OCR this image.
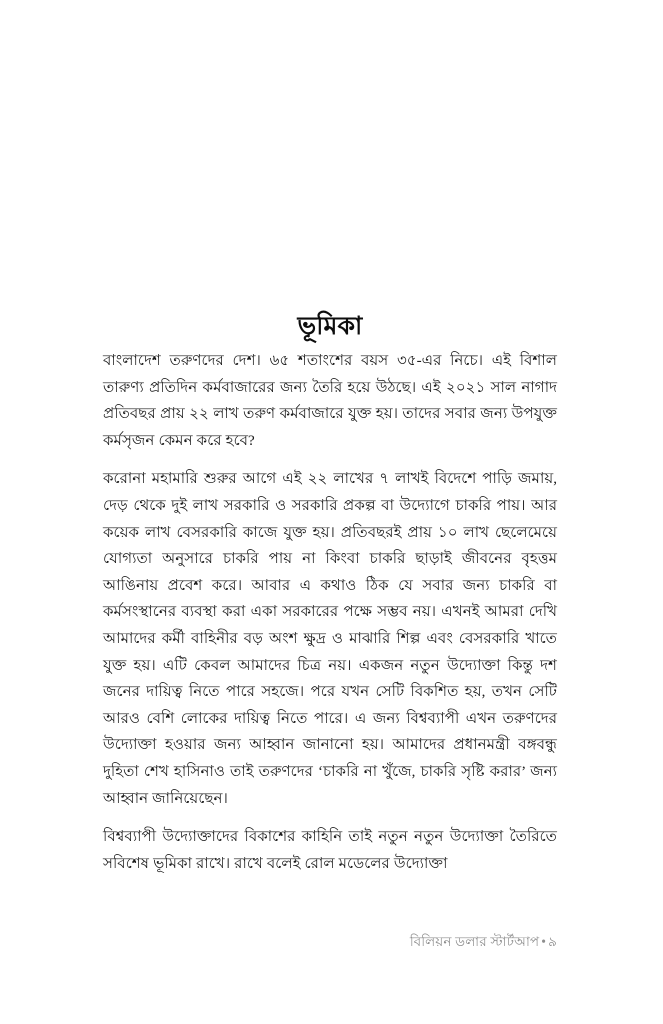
ভূমিকা

বাংলাদেশ তরুণদের দেশ। ৬৫ শতাংশের বয়স ৩৫-এর নিচে। এই বিশাল তারুণ্য প্রতিদিন কর্মবাজারের জন্য তৈরি হয়ে উঠছে। এই ২০২১ সাল নাগাদ প্রতিবছর প্রায় ২২ লাখ তরুণ কর্মবাজারে যুক্ত হয়। তাদের সবার জন্য উপযুক্ত কর্মসৃজন কেমন করে হবে?

করোনা মহামারি শুরুর আগে এই ২২ লাখের ৭ লাখই বিদেশে পাড়ি জমায়, দেড় থেকে দুই লাখ সরকারি ও সরকারি প্রকল্প বা উদ্যোগে চাকরি পায়। আর কয়েক লাখ বেসরকারি কাজে যুক্ত হয়। প্রতিবছরই প্রায় ১০ লাখ ছেলেমেয়ে যোগ্যতা অনুসারে চাকরি পায় না কিংবা চাকরি ছাড়াই জীবনের বৃহত্তম আঙিনায় প্রবেশ করে। আবার এ কথাও ঠিক যে সবার জন্য চাকরি বা কর্মসংস্থানের ব্যবস্থা করা একা সরকারের পক্ষে সম্ভব নয়। এখনই আমরা দেখি আমাদের কর্মী বাহিনীর বড় অংশ ক্ষুদ্র ও মাঝারি শিল্প এবং বেসরকারি খাতে যুক্ত হয়। এটি কেবল আমাদের চিত্র নয়। একজন নতুন উদ্যোক্তা কিন্তু দশ জনের দায়িত্ব নিতে পারে সহজে। পরে যখন সেটি বিকশিত হয়, তখন সেটি আরও বেশি লোকের দায়িত্ব নিতে পারে। এ জন্য বিশ্বব্যাপী এখন তরুণদের উদ্যোক্তা হওয়ার জন্য আহ্বান জানানো হয়। আমাদের প্রধানমন্ত্রী বঙ্গবন্ধু দুহিতা শেখ হাসিনাও তাই তরুণদের ‘চাকরি না খুঁজে, চাকরি সৃষ্টি করার’ জন্য আহ্বান জানিয়েছেন।

বিশ্বব্যাপী উদ্যোক্তাদের বিকাশের কাহিনি তাই নতুন নতুন উদ্যোক্তা তৈরিতে সবিশেষ ভূমিকা রাখে। রাখে বলেই রোল মডেলের উদ্যোক্তা

বিলিয়ন ডলার স্টার্টআপ • ৯
